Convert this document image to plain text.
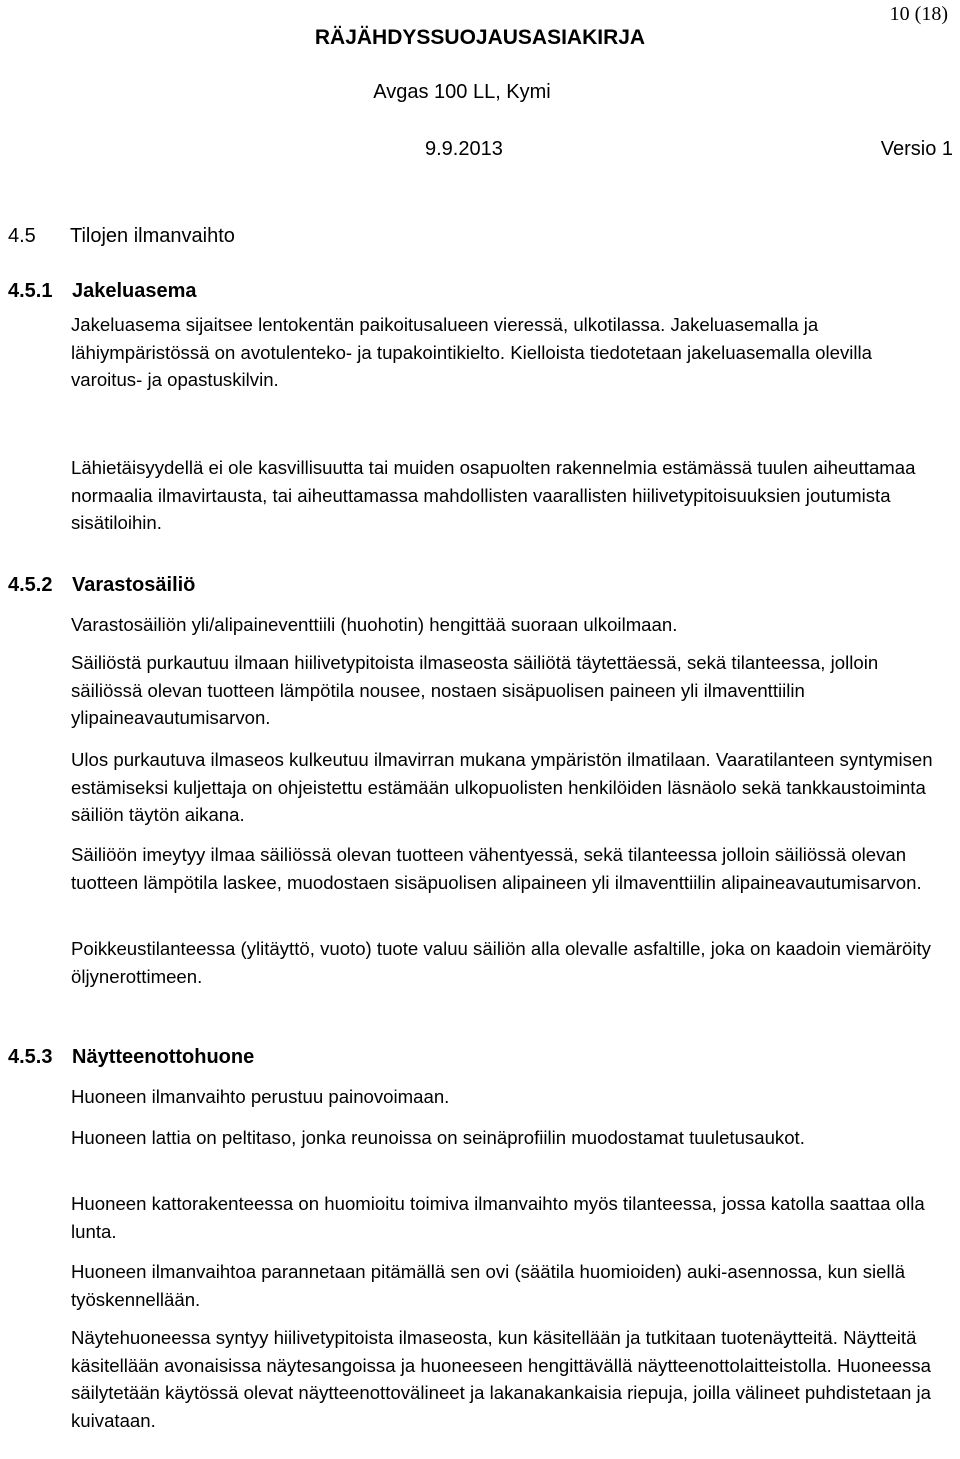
10 (18)
RÄJÄHDYSSUOJAUSASIAKIRJA
Avgas 100 LL, Kymi
9.9.2013	Versio 1
4.5 Tilojen ilmanvaihto
4.5.1 Jakeluasema

Jakeluasema sijaitsee lentokentän paikoitusalueen vieressä, ulkotilassa. Jakeluasemalla ja lähiympäristössä on avotulenteko- ja tupakointikielto. Kielloista tiedotetaan jakeluasemalla olevilla varoitus- ja opastuskilvin.

Lähietäisyydellä ei ole kasvillisuutta tai muiden osapuolten rakennelmia estämässä tuulen aiheuttamaa normaalia ilmavirtausta, tai aiheuttamassa mahdollisten vaarallisten hiilivetypitoisuuksien joutumista sisätiloihin.

4.5.2 Varastosäiliö

Varastosäiliön yli/alipaineventtiili (huohotin) hengittää suoraan ulkoilmaan.

Säiliöstä purkautuu ilmaan hiilivetypitoista ilmaseosta säiliötä täytettäessä, sekä tilanteessa, jolloin säiliössä olevan tuotteen lämpötila nousee, nostaen sisäpuolisen paineen yli ilmaventtiilin ylipaineavautumisarvon.

Ulos purkautuva ilmaseos kulkeutuu ilmavirran mukana ympäristön ilmatilaan. Vaaratilanteen syntymisen estämiseksi kuljettaja on ohjeistettu estämään ulkopuolisten henkilöiden läsnäolo sekä tankkaustoiminta säiliön täytön aikana.

Säiliöön imeytyy ilmaa säiliössä olevan tuotteen vähentyessä, sekä tilanteessa jolloin säiliössä olevan tuotteen lämpötila laskee, muodostaen sisäpuolisen alipaineen yli ilmaventtiilin alipaineavautumisarvon.

Poikkeustilanteessa (ylitäyttö, vuoto) tuote valuu säiliön alla olevalle asfaltille, joka on kaadoin viemäröity öljynerottimeen.

4.5.3 Näytteenottohuone

Huoneen ilmanvaihto perustuu painovoimaan.

Huoneen lattia on peltitaso, jonka reunoissa on seinäprofiilin muodostamat tuuletusaukot.

Huoneen kattorakenteessa on huomioitu toimiva ilmanvaihto myös tilanteessa, jossa katolla saattaa olla lunta.

Huoneen ilmanvaihtoa parannetaan pitämällä sen ovi (säätila huomioiden) auki-asennossa, kun siellä työskennellään.

Näytehuoneessa syntyy hiilivetypitoista ilmaseosta, kun käsitellään ja tutkitaan tuotenäytteitä. Näytteitä käsitellään avonaisissa näytesangoissa ja huoneeseen hengittävällä näytteenottolaitteistolla. Huoneessa säilytetään käytössä olevat näytteenottovälineet ja lakanakankaisia riepuja, joilla välineet puhdistetaan ja kuivataan.
